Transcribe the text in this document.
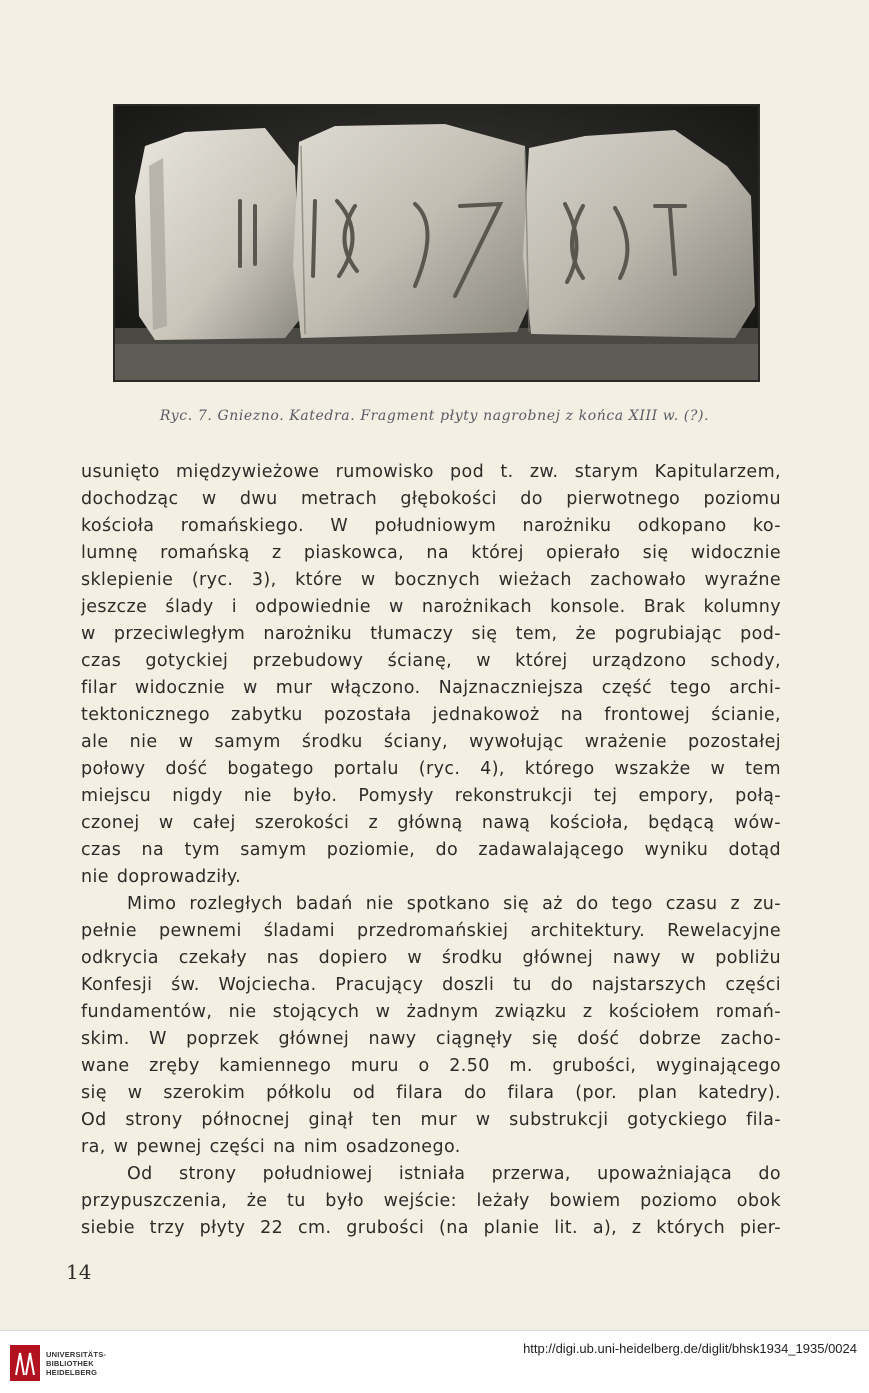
Ryc. 7. Gniezno. Katedra. Fragment płyty nagrobnej z końca XIII w. (?).
usunięto międzywieżowe rumowisko pod t. zw. starym Kapitularzem,
dochodząc w dwu metrach głębokości do pierwotnego poziomu
kościoła romańskiego. W południowym narożniku odkopano ko-
lumnę romańską z piaskowca, na której opierało się widocznie
sklepienie (ryc. 3), które w bocznych wieżach zachowało wyraźne
jeszcze ślady i odpowiednie w narożnikach konsole. Brak kolumny
w przeciwległym narożniku tłumaczy się tem, że pogrubiając pod-
czas gotyckiej przebudowy ścianę, w której urządzono schody,
filar widocznie w mur włączono. Najznaczniejsza część tego archi-
tektonicznego zabytku pozostała jednakowoż na frontowej ścianie,
ale nie w samym środku ściany, wywołując wrażenie pozostałej
połowy dość bogatego portalu (ryc. 4), którego wszakże w tem
miejscu nigdy nie było. Pomysły rekonstrukcji tej empory, połą-
czonej w całej szerokości z główną nawą kościoła, będącą wów-
czas na tym samym poziomie, do zadawalającego wyniku dotąd
nie doprowadziły.
Mimo rozległych badań nie spotkano się aż do tego czasu z zu-
pełnie pewnemi śladami przedromańskiej architektury. Rewelacyjne
odkrycia czekały nas dopiero w środku głównej nawy w pobliżu
Konfesji św. Wojciecha. Pracujący doszli tu do najstarszych części
fundamentów, nie stojących w żadnym związku z kościołem romań-
skim. W poprzek głównej nawy ciągnęły się dość dobrze zacho-
wane zręby kamiennego muru o 2.50 m. grubości, wyginającego
się w szerokim półkolu od filara do filara (por. plan katedry).
Od strony północnej ginął ten mur w substrukcji gotyckiego fila-
ra, w pewnej części na nim osadzonego.
Od strony południowej istniała przerwa, upoważniająca do
przypuszczenia, że tu było wejście: leżały bowiem poziomo obok
siebie trzy płyty 22 cm. grubości (na planie lit. a), z których pier-
14
UNIVERSITÄTS-
BIBLIOTHEK
HEIDELBERG
http://digi.ub.uni-heidelberg.de/diglit/bhsk1934_1935/0024
